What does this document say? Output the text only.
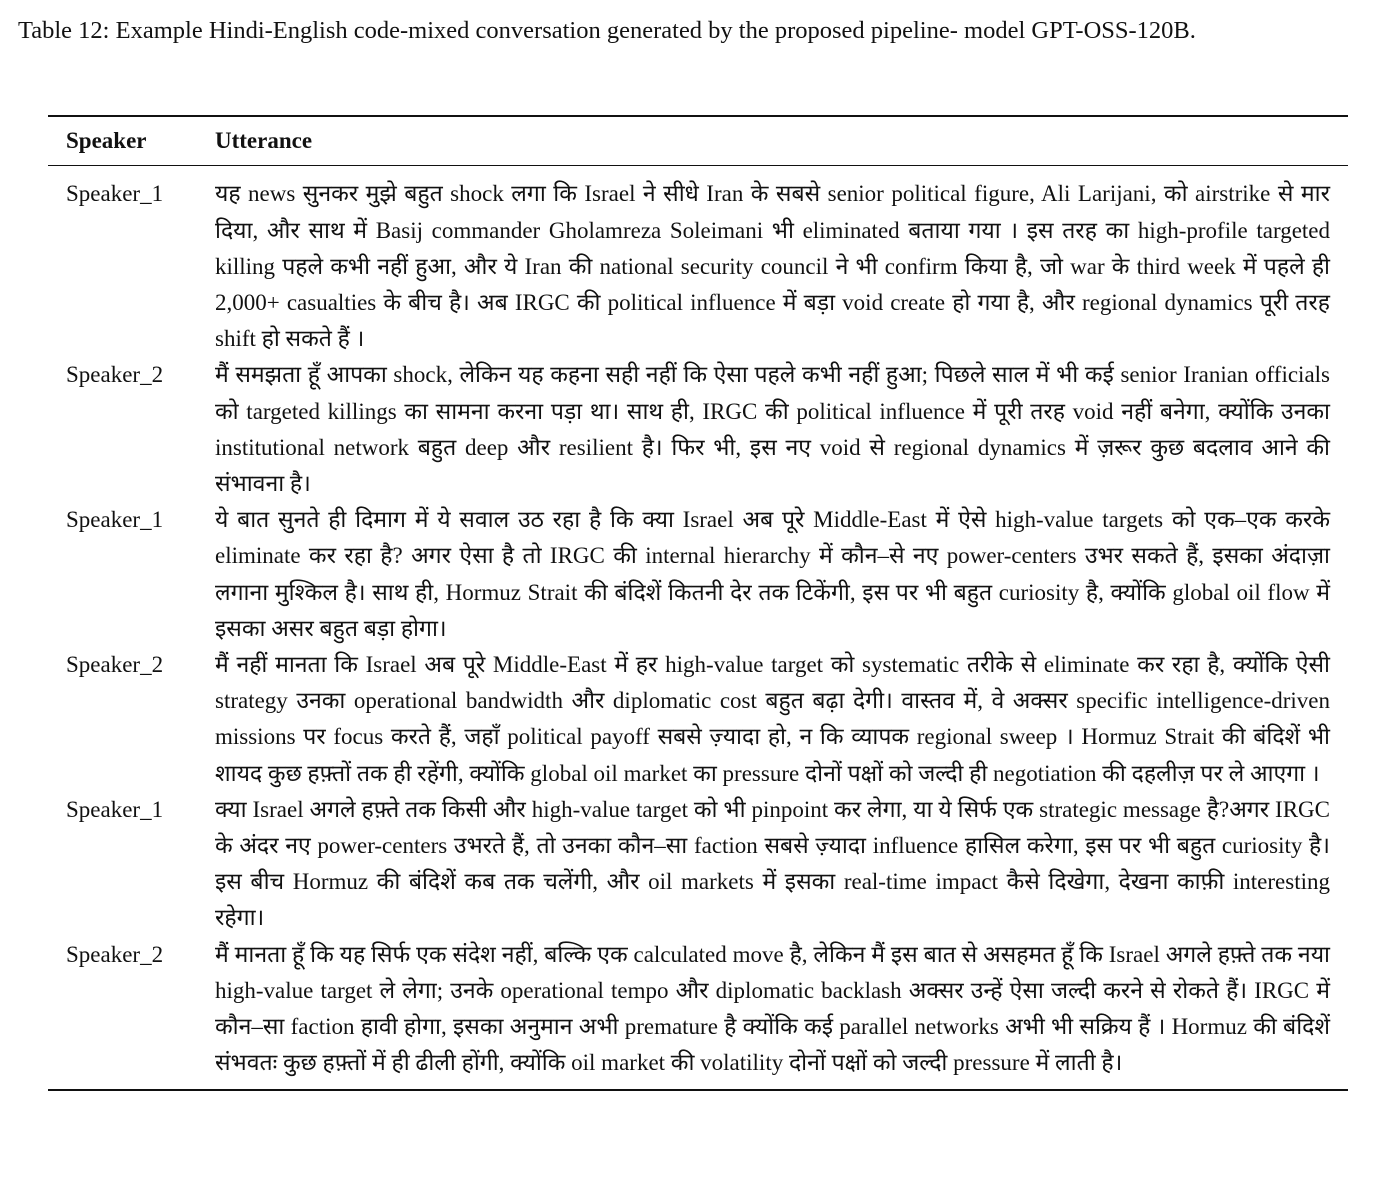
Table 12: Example Hindi-English code-mixed conversation generated by the proposed pipeline- model GPT-OSS-120B.

Speaker	Utterance
Speaker_1	यह news सुनकर मुझे बहुत shock लगा कि Israel ने सीधे Iran के सबसे senior political figure, Ali Larijani, को airstrike से मार दिया, और साथ में Basij commander Gholamreza Soleimani भी eliminated बताया गया । इस तरह का high-profile targeted killing पहले कभी नहीं हुआ, और ये Iran की national security council ने भी confirm किया है, जो war के third week में पहले ही 2,000+ casualties के बीच है। अब IRGC की political influence में बड़ा void create हो गया है, और regional dynamics पूरी तरह shift हो सकते हैं ।
Speaker_2	मैं समझता हूँ आपका shock, लेकिन यह कहना सही नहीं कि ऐसा पहले कभी नहीं हुआ; पिछले साल में भी कई senior Iranian officials को targeted killings का सामना करना पड़ा था। साथ ही, IRGC की political influence में पूरी तरह void नहीं बनेगा, क्योंकि उनका institutional network बहुत deep और resilient है। फिर भी, इस नए void से regional dynamics में ज़रूर कुछ बदलाव आने की संभावना है।
Speaker_1	ये बात सुनते ही दिमाग में ये सवाल उठ रहा है कि क्या Israel अब पूरे Middle-East में ऐसे high-value targets को एक–एक करके eliminate कर रहा है? अगर ऐसा है तो IRGC की internal hierarchy में कौन–से नए power-centers उभर सकते हैं, इसका अंदाज़ा लगाना मुश्किल है। साथ ही, Hormuz Strait की बंदिशें कितनी देर तक टिकेंगी, इस पर भी बहुत curiosity है, क्योंकि global oil flow में इसका असर बहुत बड़ा होगा।
Speaker_2	मैं नहीं मानता कि Israel अब पूरे Middle-East में हर high-value target को systematic तरीके से eliminate कर रहा है, क्योंकि ऐसी strategy उनका operational bandwidth और diplomatic cost बहुत बढ़ा देगी। वास्तव में, वे अक्सर specific intelligence-driven missions पर focus करते हैं, जहाँ political payoff सबसे ज़्यादा हो, न कि व्यापक regional sweep । Hormuz Strait की बंदिशें भी शायद कुछ हफ़्तों तक ही रहेंगी, क्योंकि global oil market का pressure दोनों पक्षों को जल्दी ही negotiation की दहलीज़ पर ले आएगा ।
Speaker_1	क्या Israel अगले हफ़्ते तक किसी और high-value target को भी pinpoint कर लेगा, या ये सिर्फ एक strategic message है?अगर IRGC के अंदर नए power-centers उभरते हैं, तो उनका कौन–सा faction सबसे ज़्यादा influence हासिल करेगा, इस पर भी बहुत curiosity है। इस बीच Hormuz की बंदिशें कब तक चलेंगी, और oil markets में इसका real-time impact कैसे दिखेगा, देखना काफ़ी interesting रहेगा।
Speaker_2	मैं मानता हूँ कि यह सिर्फ एक संदेश नहीं, बल्कि एक calculated move है, लेकिन मैं इस बात से असहमत हूँ कि Israel अगले हफ़्ते तक नया high-value target ले लेगा; उनके operational tempo और diplomatic backlash अक्सर उन्हें ऐसा जल्दी करने से रोकते हैं। IRGC में कौन–सा faction हावी होगा, इसका अनुमान अभी premature है क्योंकि कई parallel networks अभी भी सक्रिय हैं । Hormuz की बंदिशें संभवतः कुछ हफ़्तों में ही ढीली होंगी, क्योंकि oil market की volatility दोनों पक्षों को जल्दी pressure में लाती है।
